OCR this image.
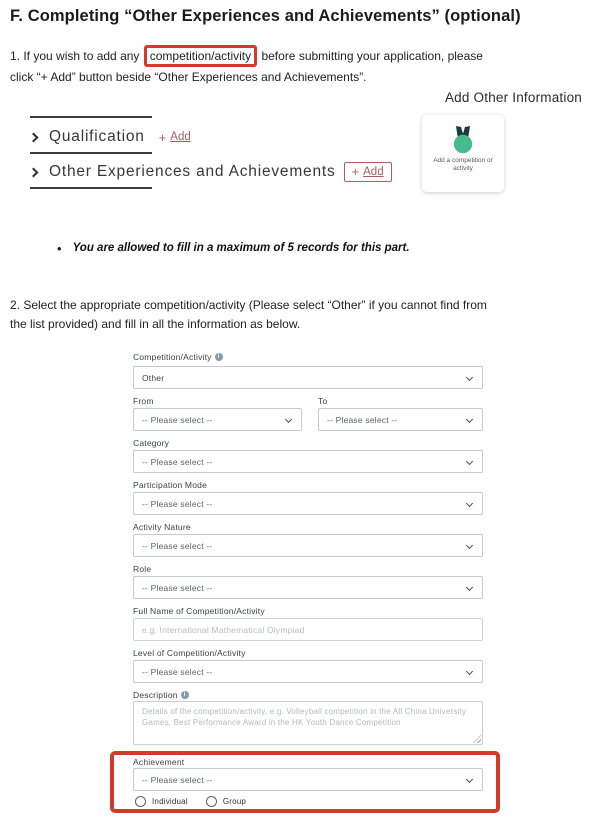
F. Completing “Other Experiences and Achievements” (optional)
1. If you wish to add any competition/activity before submitting your application, please
click “+ Add” button beside “Other Experiences and Achievements”.
Add Other Information
Qualification + Add
Other Experiences and Achievements + Add
Add a competition or activity
• You are allowed to fill in a maximum of 5 records for this part.
2. Select the appropriate competition/activity (Please select “Other” if you cannot find from
the list provided) and fill in all the information as below.
Competition/Activity	i
Other
From
-- Please select --
To
-- Please select --
Category
-- Please select --
Participation Mode
-- Please select --
Activity Nature
-- Please select --
Role
-- Please select --
Full Name of Competition/Activity
e.g. International Mathematical Olympiad
Level of Competition/Activity
-- Please select --
Description	i
Details of the competition/activity, e.g. Volleyball competition in the All China University Games, Best Performance Award in the HK Youth Dance Competition
Achievement
-- Please select --
Individual	Group
